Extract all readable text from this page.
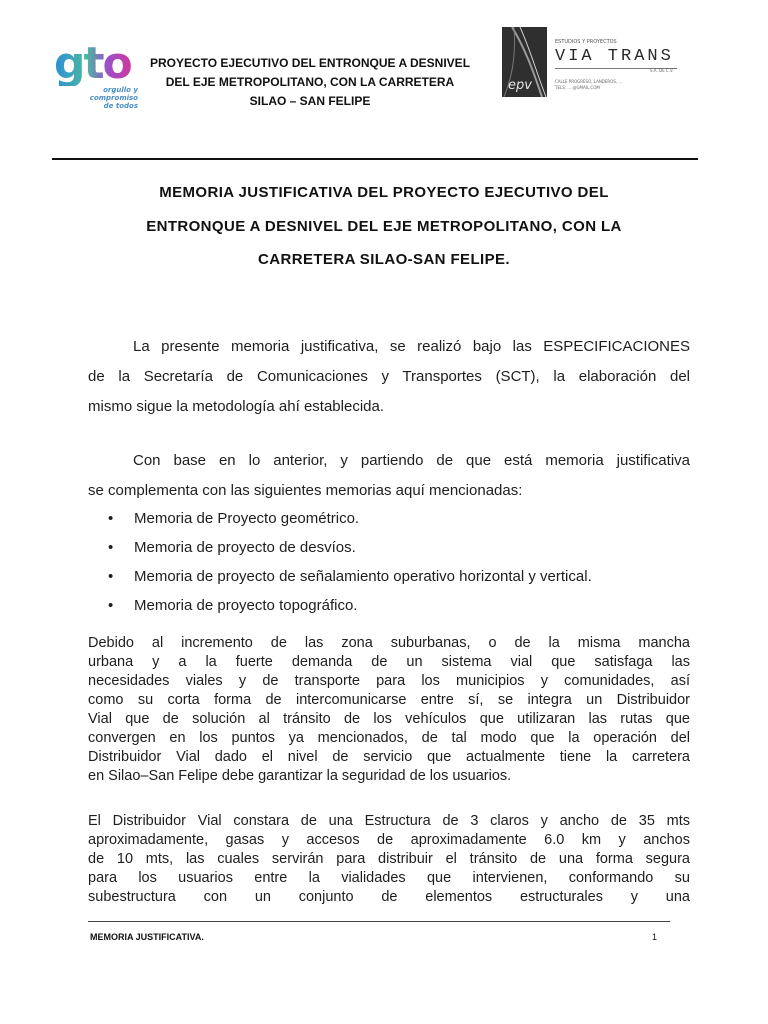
gto
orgullo y
compromiso
de todos
PROYECTO EJECUTIVO DEL ENTRONQUE A DESNIVEL
DEL EJE METROPOLITANO, CON LA CARRETERA
SILAO – SAN FELIPE
epv
ESTUDIOS Y PROYECTOS
VIA TRANS
S.A. DE C.V.
CALLE PROGRESO, LANDEROS, ...
TELS: ... @GMAIL.COM
MEMORIA JUSTIFICATIVA DEL PROYECTO EJECUTIVO DEL
ENTRONQUE A DESNIVEL DEL EJE METROPOLITANO, CON LA
CARRETERA SILAO-SAN FELIPE.
La presente memoria justificativa, se realizó bajo las ESPECIFICACIONES
de la Secretaría de Comunicaciones y Transportes (SCT), la elaboración del
mismo sigue la metodología ahí establecida.
Con base en lo anterior, y partiendo de que está memoria justificativa
se complementa con las siguientes memorias aquí mencionadas:
• Memoria de Proyecto geométrico.
• Memoria de proyecto de desvíos.
• Memoria de proyecto de señalamiento operativo horizontal y vertical.
• Memoria de proyecto topográfico.
Debido al incremento de las zona suburbanas, o de la misma mancha
urbana y a la fuerte demanda de un sistema vial que satisfaga las
necesidades viales y de transporte para los municipios y comunidades, así
como su corta forma de intercomunicarse entre sí, se integra un Distribuidor
Vial que de solución al tránsito de los vehículos que utilizaran las rutas que
convergen en los puntos ya mencionados, de tal modo que la operación del
Distribuidor Vial dado el nivel de servicio que actualmente tiene la carretera
en Silao–San Felipe debe garantizar la seguridad de los usuarios.
El Distribuidor Vial constara de una Estructura de 3 claros y ancho de 35 mts
aproximadamente, gasas y accesos de aproximadamente 6.0 km y anchos
de 10 mts, las cuales servirán para distribuir el tránsito de una forma segura
para los usuarios entre la vialidades que intervienen, conformando su
subestructura con un conjunto de elementos estructurales y una
MEMORIA JUSTIFICATIVA.	1
